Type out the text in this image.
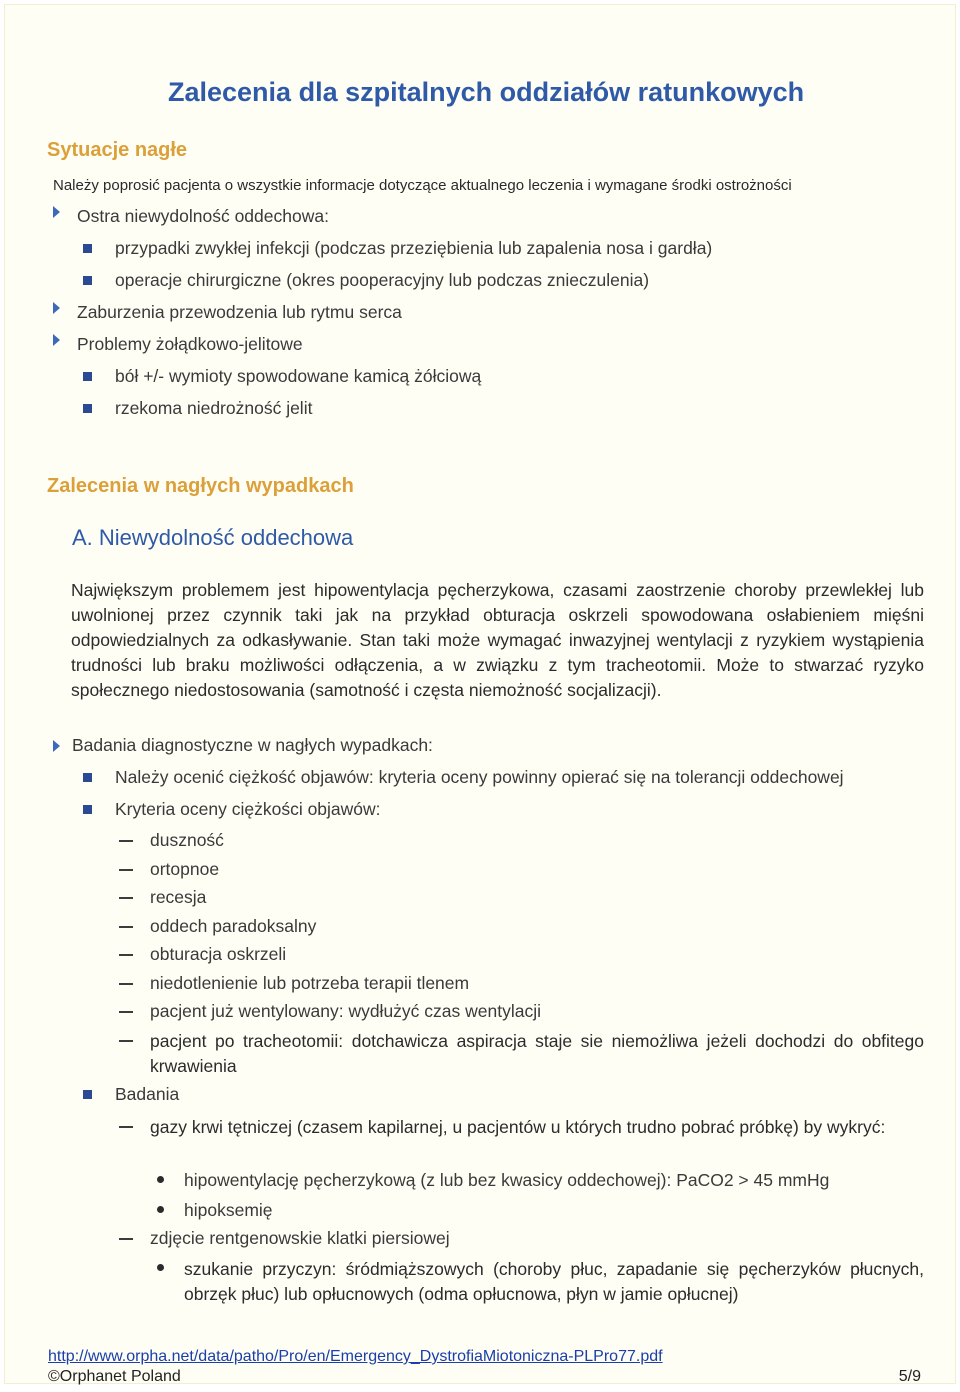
Zalecenia dla szpitalnych oddziałów ratunkowych
Sytuacje nagłe
Należy poprosić pacjenta o wszystkie informacje dotyczące aktualnego leczenia i wymagane środki ostrożności
Ostra niewydolność oddechowa:
przypadki zwykłej infekcji (podczas przeziębienia lub zapalenia nosa i gardła)
operacje chirurgiczne (okres pooperacyjny lub podczas znieczulenia)
Zaburzenia przewodzenia lub rytmu serca
Problemy żołądkowo-jelitowe
bół +/- wymioty spowodowane kamicą żółciową
rzekoma niedrożność jelit
Zalecenia w nagłych wypadkach
A. Niewydolność oddechowa
Największym problemem jest hipowentylacja pęcherzykowa, czasami zaostrzenie choroby przewlekłej lub uwolnionej przez czynnik taki jak na przykład obturacja oskrzeli spowodowana osłabieniem mięśni odpowiedzialnych za odkasływanie. Stan taki może wymagać inwazyjnej wentylacji z ryzykiem wystąpienia trudności lub braku możliwości odłączenia, a w związku z tym tracheotomii. Może to stwarzać ryzyko społecznego niedostosowania (samotność i częsta niemożność socjalizacji).
Badania diagnostyczne w nagłych wypadkach:
Należy ocenić ciężkość objawów: kryteria oceny powinny opierać się na tolerancji oddechowej
Kryteria oceny ciężkości objawów:
duszność
ortopnoe
recesja
oddech paradoksalny
obturacja oskrzeli
niedotlenienie lub potrzeba terapii tlenem
pacjent już wentylowany: wydłużyć czas wentylacji
pacjent po tracheotomii: dotchawicza aspiracja staje sie niemożliwa jeżeli dochodzi do obfitego krwawienia
Badania
gazy krwi tętniczej (czasem kapilarnej, u pacjentów u których trudno pobrać próbkę) by wykryć:
hipowentylację pęcherzykową (z lub bez kwasicy oddechowej): PaCO2 > 45 mmHg
hipoksemię
zdjęcie rentgenowskie klatki piersiowej
szukanie przyczyn: śródmiąższowych (choroby płuc, zapadanie się pęcherzyków płucnych, obrzęk płuc) lub opłucnowych (odma opłucnowa, płyn w jamie opłucnej)
http://www.orpha.net/data/patho/Pro/en/Emergency_DystrofiaMiotoniczna-PLPro77.pdf
©Orphanet Poland	5/9
